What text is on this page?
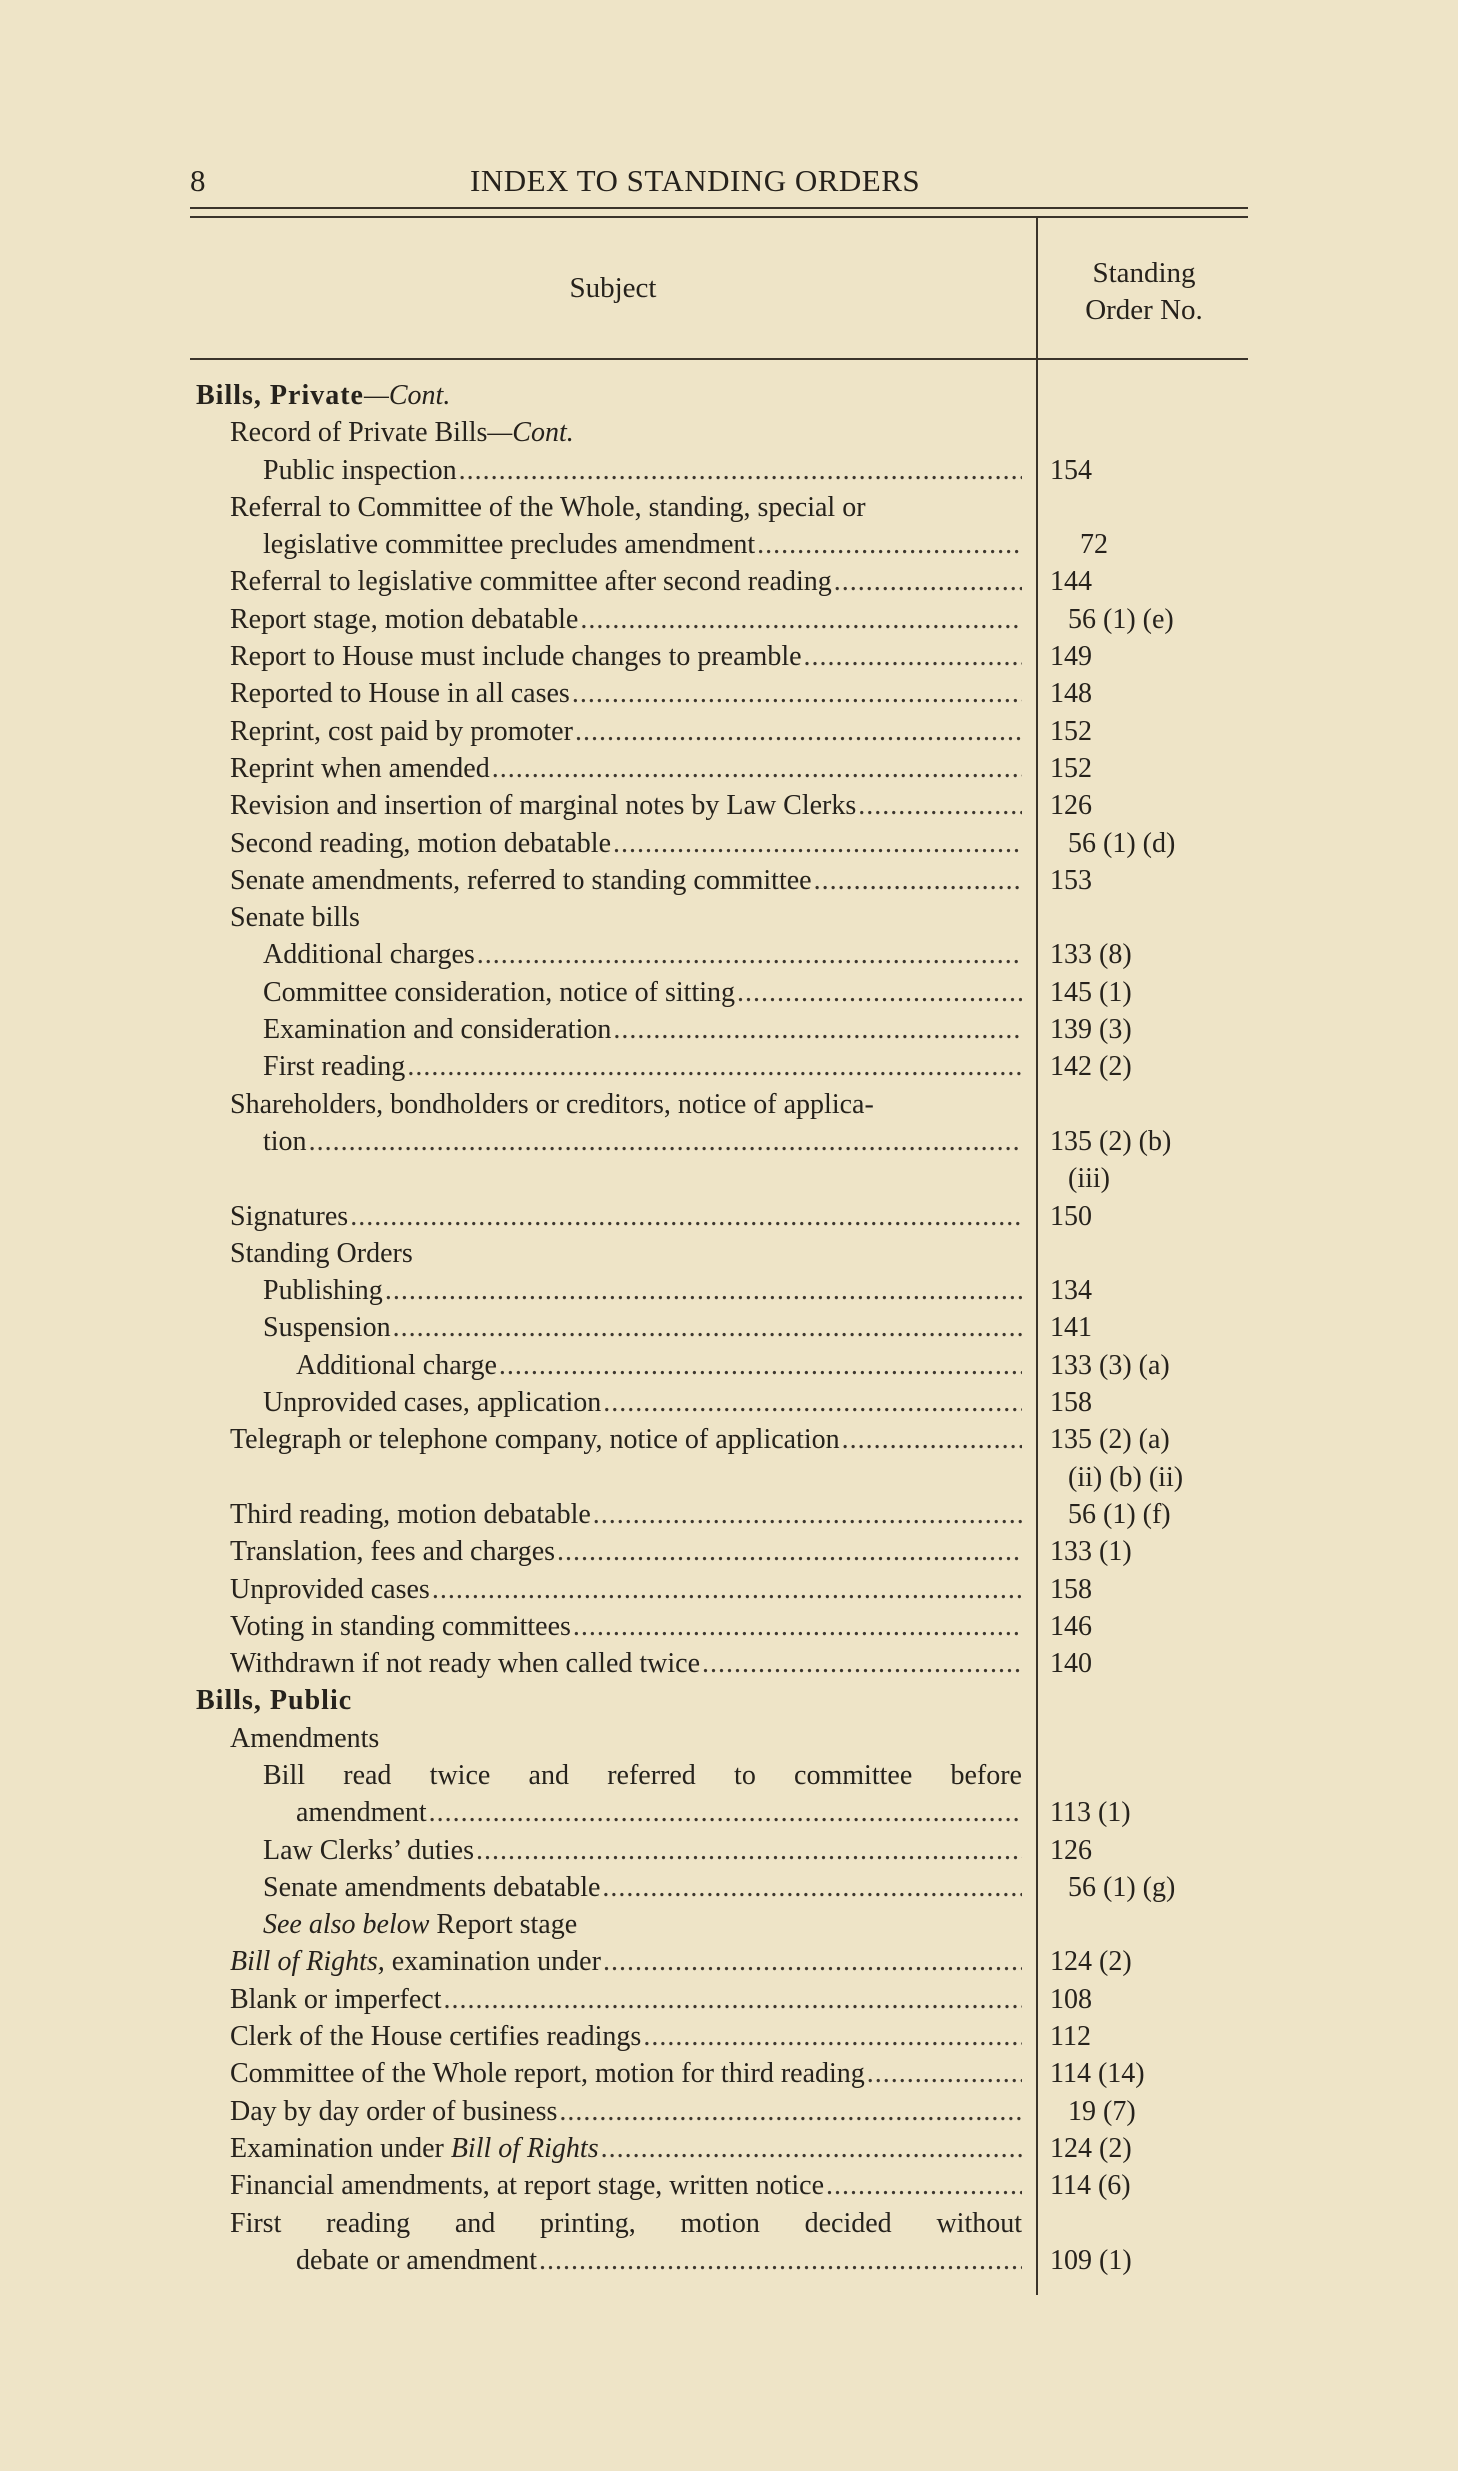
8	INDEX TO STANDING ORDERS
Subject	Standing
Order No.
Bills, Private —Cont.
Record of Private Bills —Cont.
Public inspection .....	154
Referral to Committee of the Whole, standing, special or
legislative committee precludes amendment .....	72
Referral to legislative committee after second reading .....	144
Report stage, motion debatable .....	56 (1) (e)
Report to House must include changes to preamble .....	149
Reported to House in all cases .....	148
Reprint, cost paid by promoter .....	152
Reprint when amended .....	152
Revision and insertion of marginal notes by Law Clerks .....	126
Second reading, motion debatable .....	56 (1) (d)
Senate amendments, referred to standing committee .....	153
Senate bills
Additional charges .....	133 (8)
Committee consideration, notice of sitting .....	145 (1)
Examination and consideration .....	139 (3)
First reading .....	142 (2)
Shareholders, bondholders or creditors, notice of applica-
tion .....	135 (2) (b)
(iii)
Signatures .....	150
Standing Orders
Publishing .....	134
Suspension .....	141
Additional charge .....	133 (3) (a)
Unprovided cases, application .....	158
Telegraph or telephone company, notice of application .....	135 (2) (a)
(ii) (b) (ii)
Third reading, motion debatable .....	56 (1) (f)
Translation, fees and charges .....	133 (1)
Unprovided cases .....	158
Voting in standing committees .....	146
Withdrawn if not ready when called twice .....	140
Bills, Public
Amendments
Bill read twice and referred to committee before
amendment .....	113 (1)
Law Clerks’ duties .....	126
Senate amendments debatable .....	56 (1) (g)
See also below Report stage
Bill of Rights, examination under .....	124 (2)
Blank or imperfect .....	108
Clerk of the House certifies readings .....	112
Committee of the Whole report, motion for third reading .....	114 (14)
Day by day order of business .....	19 (7)
Examination under Bill of Rights .....	124 (2)
Financial amendments, at report stage, written notice .....	114 (6)
First reading and printing, motion decided without
debate or amendment .....	109 (1)
